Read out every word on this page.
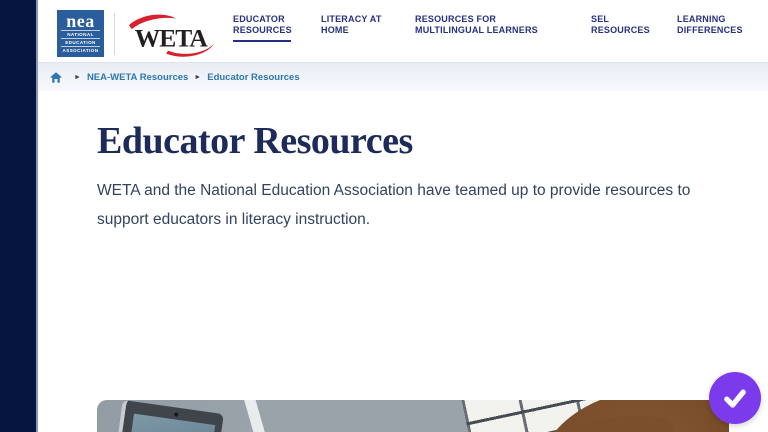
nea
NATIONAL
EDUCATION
ASSOCIATION WETA
EDUCATOR RESOURCES
LITERACY AT HOME
RESOURCES FOR MULTILINGUAL LEARNERS
SEL RESOURCES
LEARNING DIFFERENCES
► NEA-WETA Resources ► Educator Resources
Educator Resources

WETA and the National Education Association have teamed up to provide resources to support educators in literacy instruction.
